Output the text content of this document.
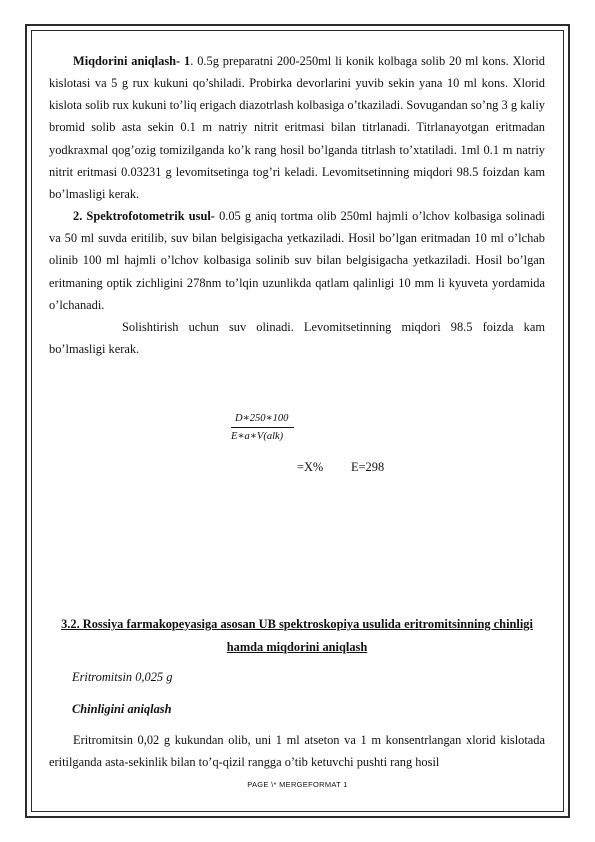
Miqdorini aniqlash- 1. 0.5g preparatni 200-250ml li konik kolbaga solib 20 ml kons. Xlorid kislotasi va 5 g rux kukuni qo’shiladi. Probirka devorlarini yuvib sekin yana 10 ml kons. Xlorid kislota solib rux kukuni to’liq erigach diazotrlash kolbasiga o’tkaziladi. Sovugandan so’ng 3 g kaliy bromid solib asta sekin 0.1 m natriy nitrit eritmasi bilan titrlanadi. Titrlanayotgan eritmadan yodkraxmal qog’ozig tomizilganda ko’k rang hosil bo’lganda titrlash to’xtatiladi. 1ml 0.1 m natriy nitrit eritmasi 0.03231 g levomitsetinga tog’ri keladi. Levomitsetinning miqdori 98.5 foizdan kam bo’lmasligi kerak.

2. Spektrofotometrik usul- 0.05 g aniq tortma olib 250ml hajmli o’lchov kolbasiga solinadi va 50 ml suvda eritilib, suv bilan belgisigacha yetkaziladi. Hosil bo’lgan eritmadan 10 ml o’lchab olinib 100 ml hajmli o’lchov kolbasiga solinib suv bilan belgisigacha yetkaziladi. Hosil bo’lgan eritmaning optik zichligini 278nm to’lqin uzunlikda qatlam qalinligi 10 mm li kyuveta yordamida o’lchanadi.

Solishtirish uchun suv olinadi. Levomitsetinning miqdori 98.5 foizda kam bo’lmasligi kerak.

D∗250∗100
E∗a∗V(alk)
=X% E=298
3.2. Rossiya farmakopeyasiga asosan UB spektroskopiya usulida eritromitsinning chinligi hamda miqdorini aniqlash
Eritromitsin 0,025 g
Chinligini aniqlash

Eritromitsin 0,02 g kukundan olib, uni 1 ml atseton va 1 m konsentrlangan xlorid kislotada eritilganda asta-sekinlik bilan to’q-qizil rangga o’tib ketuvchi pushti rang hosil

PAGE \* MERGEFORMAT 1
